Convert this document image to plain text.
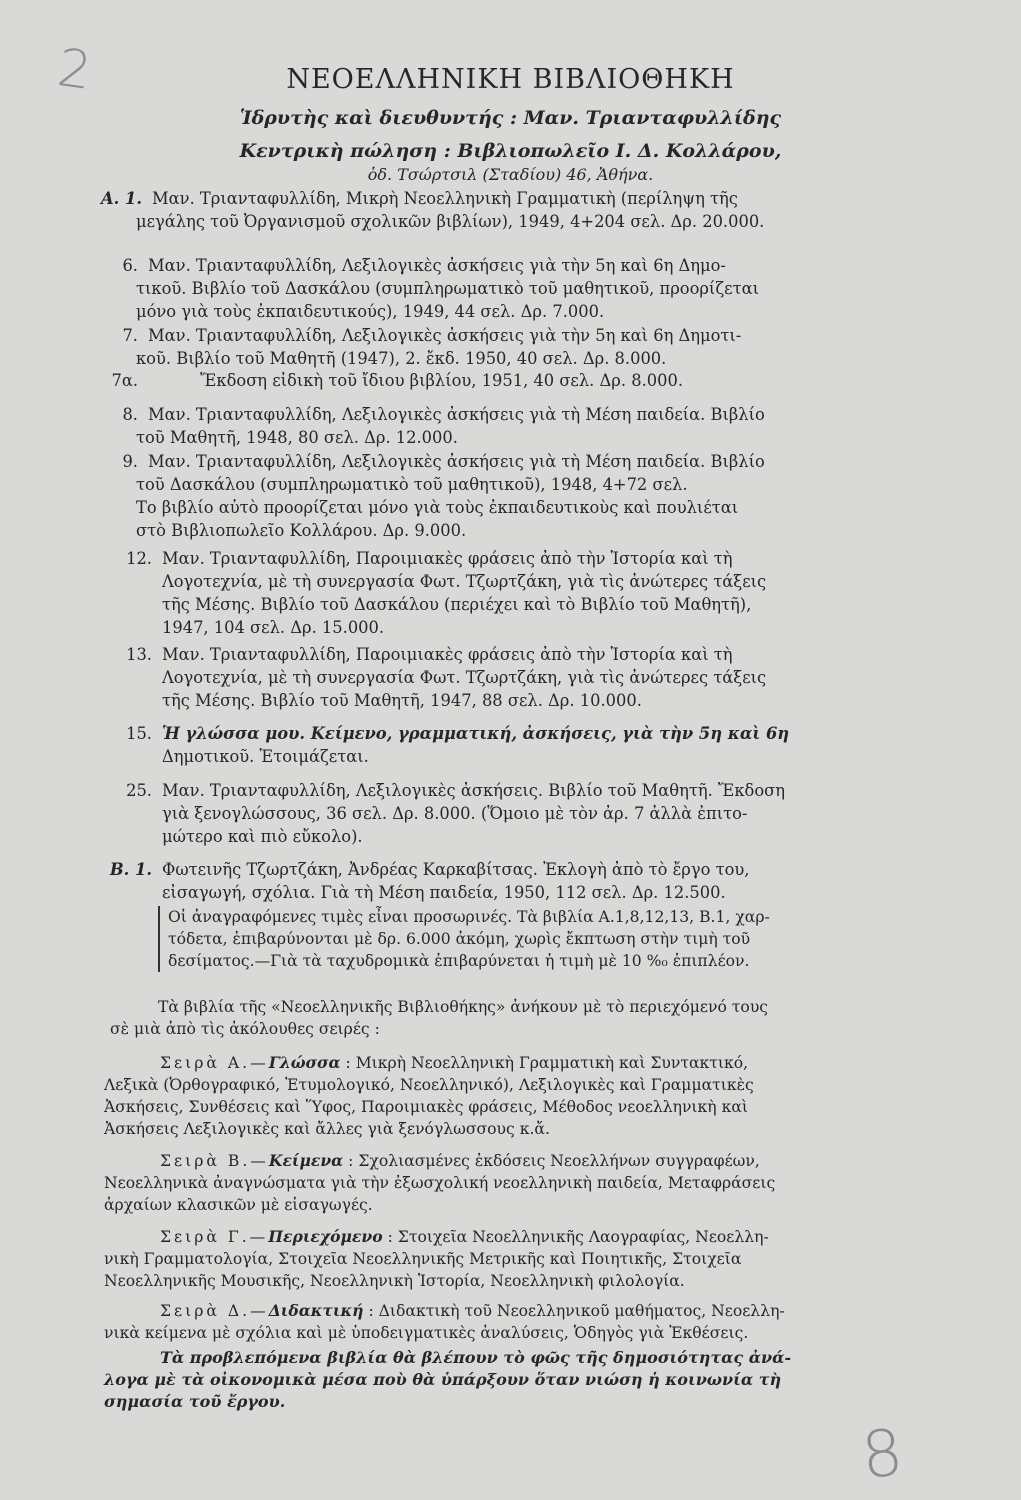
2	ΝΕΟΕΛΛΗΝΙΚΗ ΒΙΒΛΙΟΘΗΚΗ
Ἱδρυτὴς καὶ διευθυντής : Μαν. Τριανταφυλλίδης
Κεντρικὴ πώληση : Βιβλιοπωλεῖο Ι. Δ. Κολλάρου,
ὁδ. Τσώρτσιλ (Σταδίου) 46, Ἀθήνα.
Α. 1. Μαν. Τριανταφυλλίδη, Μικρὴ Νεοελληνικὴ Γραμματικὴ (περίληψη τῆς

μεγάλης τοῦ Ὀργανισμοῦ σχολικῶν βιβλίων), 1949, 4+204 σελ. Δρ. 20.000.

6. Μαν. Τριανταφυλλίδη, Λεξιλογικὲς ἀσκήσεις γιὰ τὴν 5η καὶ 6η Δημο-

τικοῦ. Βιβλίο τοῦ Δασκάλου (συμπληρωματικὸ τοῦ μαθητικοῦ, προορίζεται

μόνο γιὰ τοὺς ἐκπαιδευτικούς), 1949, 44 σελ. Δρ. 7.000.

7. Μαν. Τριανταφυλλίδη, Λεξιλογικὲς ἀσκήσεις γιὰ τὴν 5η καὶ 6η Δημοτι-

κοῦ. Βιβλίο τοῦ Μαθητῆ (1947), 2. ἔκδ. 1950, 40 σελ. Δρ. 8.000.

7α.	Ἔκδοση εἰδικὴ τοῦ ἴδιου βιβλίου, 1951, 40 σελ. Δρ. 8.000.

8. Μαν. Τριανταφυλλίδη, Λεξιλογικὲς ἀσκήσεις γιὰ τὴ Μέση παιδεία. Βιβλίο

τοῦ Μαθητῆ, 1948, 80 σελ. Δρ. 12.000.

9. Μαν. Τριανταφυλλίδη, Λεξιλογικὲς ἀσκήσεις γιὰ τὴ Μέση παιδεία. Βιβλίο

τοῦ Δασκάλου (συμπληρωματικὸ τοῦ μαθητικοῦ), 1948, 4+72 σελ.

Το βιβλίο αὐτὸ προορίζεται μόνο γιὰ τοὺς ἐκπαιδευτικοὺς καὶ πουλιέται

στὸ Βιβλιοπωλεῖο Κολλάρου. Δρ. 9.000.

12. Μαν. Τριανταφυλλίδη, Παροιμιακὲς φράσεις ἀπὸ τὴν Ἱστορία καὶ τὴ

Λογοτεχνία, μὲ τὴ συνεργασία Φωτ. Τζωρτζάκη, γιὰ τὶς ἀνώτερες τάξεις

τῆς Μέσης. Βιβλίο τοῦ Δασκάλου (περιέχει καὶ τὸ Βιβλίο τοῦ Μαθητῆ),

1947, 104 σελ. Δρ. 15.000.

13. Μαν. Τριανταφυλλίδη, Παροιμιακὲς φράσεις ἀπὸ τὴν Ἱστορία καὶ τὴ

Λογοτεχνία, μὲ τὴ συνεργασία Φωτ. Τζωρτζάκη, γιὰ τὶς ἀνώτερες τάξεις

τῆς Μέσης. Βιβλίο τοῦ Μαθητῆ, 1947, 88 σελ. Δρ. 10.000.

15. Ἡ γλώσσα μου. Κείμενο, γραμματική, ἀσκήσεις, γιὰ τὴν 5η καὶ 6η

Δημοτικοῦ. Ἑτοιμάζεται.

25. Μαν. Τριανταφυλλίδη, Λεξιλογικὲς ἀσκήσεις. Βιβλίο τοῦ Μαθητῆ. Ἔκδοση

γιὰ ξενογλώσσους, 36 σελ. Δρ. 8.000. (Ὅμοιο μὲ τὸν ἀρ. 7 ἀλλὰ ἐπιτο-

μώτερο καὶ πιὸ εὔκολο).

Β. 1. Φωτεινῆς Τζωρτζάκη, Ἀνδρέας Καρκαβίτσας. Ἐκλογὴ ἀπὸ τὸ ἔργο του,

εἰσαγωγή, σχόλια. Γιὰ τὴ Μέση παιδεία, 1950, 112 σελ. Δρ. 12.500.

Οἱ ἀναγραφόμενες τιμὲς εἶναι προσωρινές. Τὰ βιβλία Α.1,8,12,13, Β.1, χαρ-
τόδετα, ἐπιβαρύνονται μὲ δρ. 6.000 ἀκόμη, χωρὶς ἔκπτωση στὴν τιμὴ τοῦ
δεσίματος.—Γιὰ τὰ ταχυδρομικὰ ἐπιβαρύνεται ἡ τιμὴ μὲ 10 %₀ ἐπιπλέον.
Τὰ βιβλία τῆς «Νεοελληνικῆς Βιβλιοθήκης» ἀνήκουν μὲ τὸ περιεχόμενό τους
σὲ μιὰ ἀπὸ τὶς ἀκόλουθες σειρές :
Σειρὰ Α.—Γλώσσα : Μικρὴ Νεοελληνικὴ Γραμματικὴ καὶ Συντακτικό,
Λεξικὰ (Ὀρθογραφικό, Ἐτυμολογικό, Νεοελληνικό), Λεξιλογικὲς καὶ Γραμματικὲς
Ἀσκήσεις, Συνθέσεις καὶ Ὕφος, Παροιμιακὲς φράσεις, Μέθοδος νεοελληνικὴ καὶ
Ἀσκήσεις Λεξιλογικὲς καὶ ἄλλες γιὰ ξενόγλωσσους κ.ἄ.
Σειρὰ Β.—Κείμενα : Σχολιασμένες ἐκδόσεις Νεοελλήνων συγγραφέων,
Νεοελληνικὰ ἀναγνώσματα γιὰ τὴν ἐξωσχολική νεοελληνικὴ παιδεία, Μεταφράσεις
ἀρχαίων κλασικῶν μὲ εἰσαγωγές.
Σειρὰ Γ.—Περιεχόμενο : Στοιχεῖα Νεοελληνικῆς Λαογραφίας, Νεοελλη-
νικὴ Γραμματολογία, Στοιχεῖα Νεοελληνικῆς Μετρικῆς καὶ Ποιητικῆς, Στοιχεῖα
Νεοελληνικῆς Μουσικῆς, Νεοελληνικὴ Ἱστορία, Νεοελληνικὴ φιλολογία.
Σειρὰ Δ.—Διδακτική : Διδακτικὴ τοῦ Νεοελληνικοῦ μαθήματος, Νεοελλη-
νικὰ κείμενα μὲ σχόλια καὶ μὲ ὑποδειγματικὲς ἀναλύσεις, Ὁδηγὸς γιὰ Ἐκθέσεις.
Τὰ προβλεπόμενα βιβλία θὰ βλέπουν τὸ φῶς τῆς δημοσιότητας ἀνά-
λογα μὲ τὰ οἰκονομικὰ μέσα ποὺ θὰ ὑπάρξουν ὅταν νιώση ἡ κοινωνία τὴ
σημασία τοῦ ἔργου.
8
